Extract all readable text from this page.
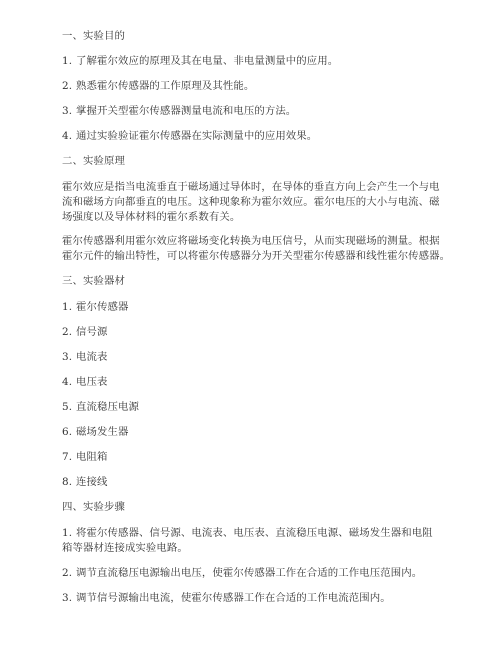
一、实验目的
1. 了解霍尔效应的原理及其在电量、非电量测量中的应用。
2. 熟悉霍尔传感器的工作原理及其性能。
3. 掌握开关型霍尔传感器测量电流和电压的方法。
4. 通过实验验证霍尔传感器在实际测量中的应用效果。
二、实验原理
霍尔效应是指当电流垂直于磁场通过导体时，在导体的垂直方向上会产生一个与电
流和磁场方向都垂直的电压。这种现象称为霍尔效应。霍尔电压的大小与电流、磁
场强度以及导体材料的霍尔系数有关。
霍尔传感器利用霍尔效应将磁场变化转换为电压信号，从而实现磁场的测量。根据
霍尔元件的输出特性，可以将霍尔传感器分为开关型霍尔传感器和线性霍尔传感器。
三、实验器材
1. 霍尔传感器
2. 信号源
3. 电流表
4. 电压表
5. 直流稳压电源
6. 磁场发生器
7. 电阻箱
8. 连接线
四、实验步骤
1. 将霍尔传感器、信号源、电流表、电压表、直流稳压电源、磁场发生器和电阻
箱等器材连接成实验电路。
2. 调节直流稳压电源输出电压，使霍尔传感器工作在合适的工作电压范围内。
3. 调节信号源输出电流，使霍尔传感器工作在合适的工作电流范围内。
